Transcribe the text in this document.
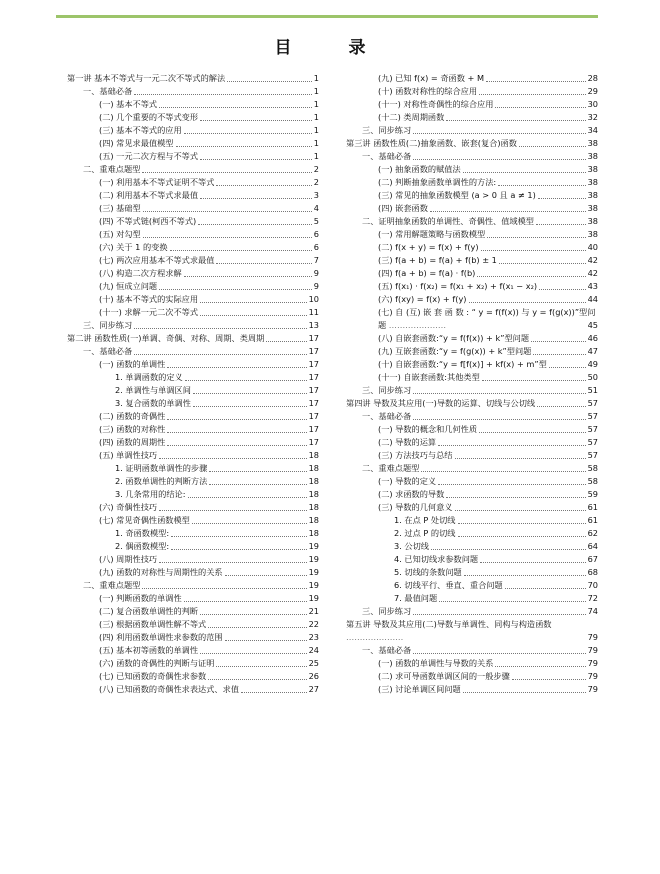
目　录
第一讲 基本不等式与一元二次不等式的解法	1
一、基础必备	1
(一) 基本不等式	1
(二) 几个重要的不等式变形	1
(三) 基本不等式的应用	1
(四) 常见求最值模型	1
(五) 一元二次方程与不等式	1
二、重难点题型	2
(一) 利用基本不等式证明不等式	2
(二) 利用基本不等式求最值	3
(三) 基础型	4
(四) 不等式链(柯西不等式)	5
(五) 对勾型	6
(六) 关于 1 的变换	6
(七) 两次应用基本不等式求最值	7
(八) 构造二次方程求解	9
(九) 恒成立问题	9
(十) 基本不等式的实际应用	10
(十一) 求解一元二次不等式	11
三、同步练习	13
第二讲 函数性质(一)单调、奇偶、对称、周期、类周期	17
一、基础必备	17
(一) 函数的单调性	17
1. 单调函数的定义	17
2. 单调性与单调区间	17
3. 复合函数的单调性	17
(二) 函数的奇偶性	17
(三) 函数的对称性	17
(四) 函数的周期性	17
(五) 单调性技巧	18
1. 证明函数单调性的步骤	18
2. 函数单调性的判断方法	18
3. 几条常用的结论:	18
(六) 奇偶性技巧	18
(七) 常见奇偶性函数模型	18
1. 奇函数模型:	18
2. 偶函数模型:	19
(八) 周期性技巧	19
(九) 函数的对称性与周期性的关系	19
二、重难点题型	19
(一) 判断函数的单调性	19
(二) 复合函数单调性的判断	21
(三) 根据函数单调性解不等式	22
(四) 利用函数单调性求参数的范围	23
(五) 基本初等函数的单调性	24
(六) 函数的奇偶性的判断与证明	25
(七) 已知函数的奇偶性求参数	26
(八) 已知函数的奇偶性求表达式、求值	27
(九) 已知 f(x) = 奇函数 + M	28
(十) 函数对称性的综合应用	29
(十一) 对称性奇偶性的综合应用	30
(十二) 类周期函数	32
三、同步练习	34
第三讲 函数性质(二)抽象函数、嵌套(复合)函数	38
一、基础必备	38
(一) 抽象函数的赋值法	38
(二) 判断抽象函数单调性的方法:	38
(三) 常见的抽象函数模型 (a > 0 且 a ≠ 1)	38
(四) 嵌套函数	38
二、证明抽象函数的单调性、奇偶性、值域模型	38
(一) 常用解题策略与函数模型	38
(二) f(x + y) = f(x) + f(y)	40
(三) f(a + b) = f(a) + f(b) ± 1	42
(四) f(a + b) = f(a) · f(b)	42
(五) f(x₁) · f(x₂) = f(x₁ + x₂) + f(x₁ − x₂)	43
(六) f(xy) = f(x) + f(y)	44
(七) 自 (互) 嵌 套 函 数 : “ y = f(f(x)) 与 y = f(g(x))”型问题 …………………	45
(八) 自嵌套函数:“y = f(f(x)) + k”型问题	46
(九) 互嵌套函数:“y = f(g(x)) + k”型问题	47
(十) 自嵌套函数:“y = f[f(x)] + kf(x) + m”型	49
(十一) 自嵌套函数:其他类型	50
三、同步练习	51
第四讲 导数及其应用(一)导数的运算、切线与公切线	57
一、基础必备	57
(一) 导数的概念和几何性质	57
(二) 导数的运算	57
(三) 方法技巧与总结	57
二、重难点题型	58
(一) 导数的定义	58
(二) 求函数的导数	59
(三) 导数的几何意义	61
1. 在点 P 处切线	61
2. 过点 P 的切线	62
3. 公切线	64
4. 已知切线求参数问题	67
5. 切线的条数问题	68
6. 切线平行、垂直、重合问题	70
7. 最值问题	72
三、同步练习	74
第五讲 导数及其应用(二)导数与单调性、同构与构造函数 …………………	79
一、基础必备	79
(一) 函数的单调性与导数的关系	79
(二) 求可导函数单调区间的一般步骤	79
(三) 讨论单调区间问题	79
